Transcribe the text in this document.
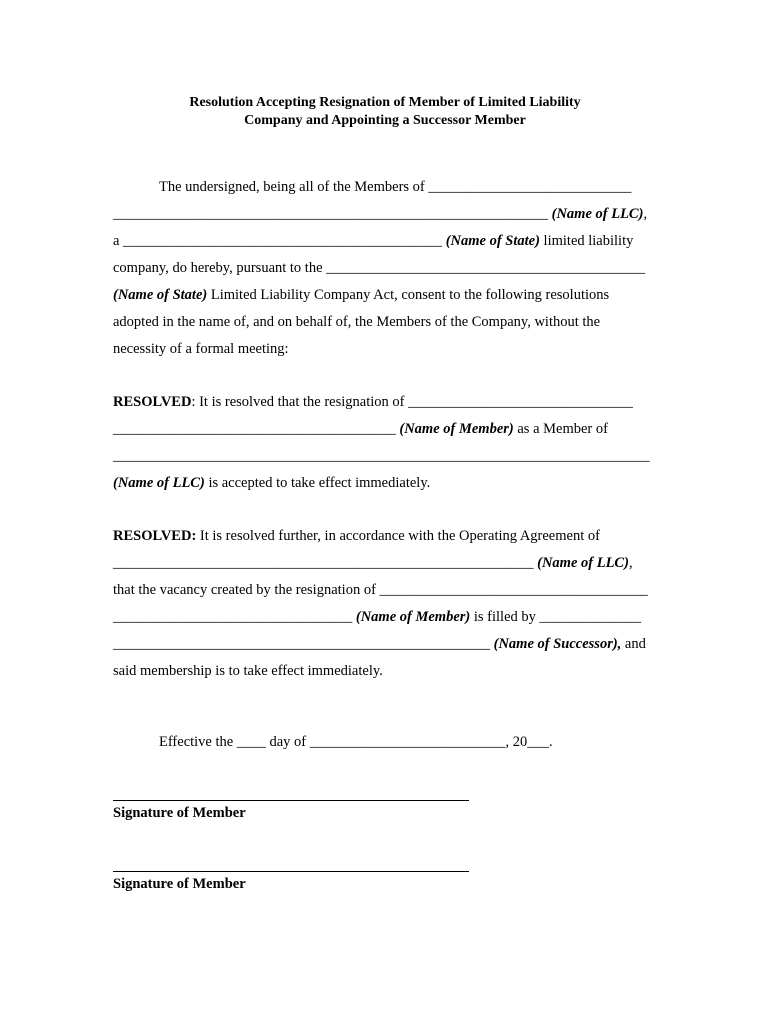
Resolution Accepting Resignation of Member of Limited Liability
Company and Appointing a Successor Member
The undersigned, being all of the Members of ____________________________
____________________________________________________________ (Name of LLC),
a ____________________________________________ (Name of State) limited liability
company, do hereby, pursuant to the ____________________________________________
(Name of State) Limited Liability Company Act, consent to the following resolutions
adopted in the name of, and on behalf of, the Members of the Company, without the
necessity of a formal meeting:
RESOLVED: It is resolved that the resignation of _______________________________
_______________________________________ (Name of Member) as a Member of
__________________________________________________________________________
(Name of LLC) is accepted to take effect immediately.
RESOLVED: It is resolved further, in accordance with the Operating Agreement of
__________________________________________________________ (Name of LLC),
that the vacancy created by the resignation of _____________________________________
_________________________________ (Name of Member) is filled by ______________
____________________________________________________ (Name of Successor), and
said membership is to take effect immediately.
Effective the ____ day of ___________________________, 20___.
Signature of Member
Signature of Member
